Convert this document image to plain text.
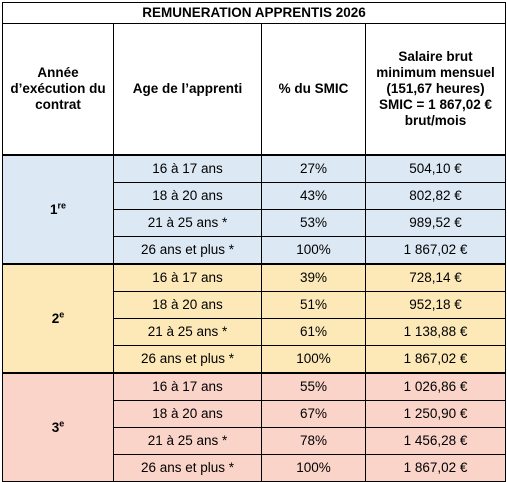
REMUNERATION APPRENTIS 2026			
Année d’exécution du contrat	Age de l’apprenti	% du SMIC	Salaire brut
minimum mensuel
(151,67 heures)
SMIC = 1 867,02 €
brut/mois

1re	16 à 17 ans	27%	504,10 €
	18 à 20 ans	43%	802,82 €
	21 à 25 ans *	53%	989,52 €
	26 ans et plus *	100%	1 867,02 €
2e	16 à 17 ans	39%	728,14 €
	18 à 20 ans	51%	952,18 €
	21 à 25 ans *	61%	1 138,88 €
	26 ans et plus *	100%	1 867,02 €
3e	16 à 17 ans	55%	1 026,86 €
	18 à 20 ans	67%	1 250,90 €
	21 à 25 ans *	78%	1 456,28 €
	26 ans et plus *	100%	1 867,02 €
